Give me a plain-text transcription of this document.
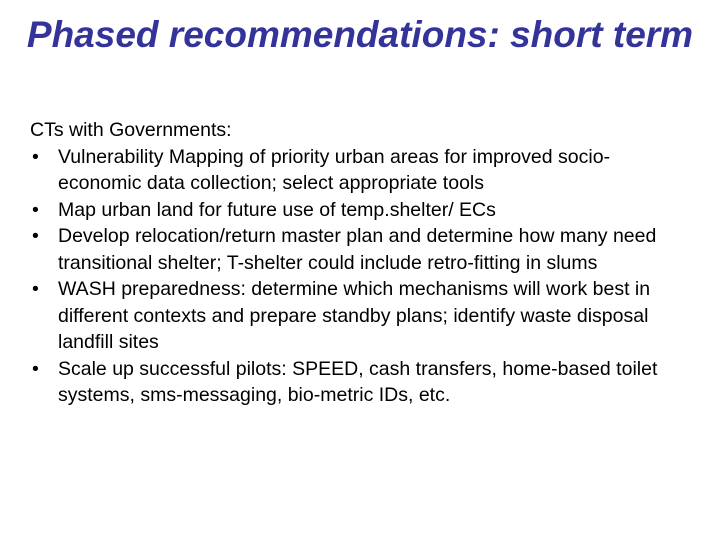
Phased recommendations: short term

CTs with Governments:

• Vulnerability Mapping of priority urban areas for improved socio-economic data collection; select appropriate tools
• Map urban land for future use of temp.shelter/ ECs
• Develop relocation/return master plan and determine how many need transitional shelter; T-shelter could include retro-fitting in slums
• WASH preparedness: determine which mechanisms will work best in different contexts and prepare standby plans; identify waste disposal landfill sites
• Scale up successful pilots: SPEED, cash transfers, home-based toilet systems, sms-messaging, bio-metric IDs, etc.
